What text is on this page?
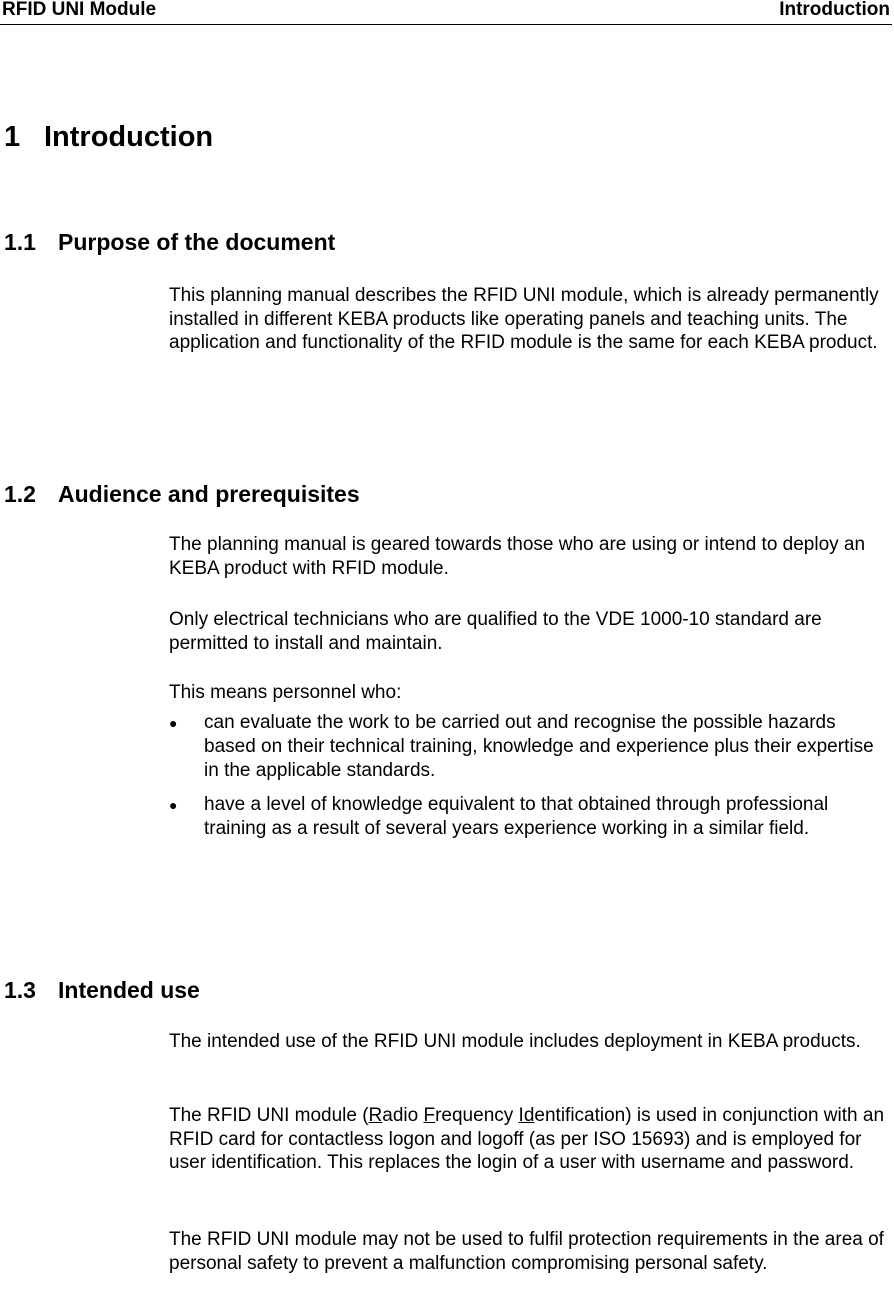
RFID UNI Module	Introduction
1 Introduction
1.1 Purpose of the document

This planning manual describes the RFID UNI module, which is already permanently installed in different KEBA products like operating panels and teaching units. The application and functionality of the RFID module is the same for each KEBA product.

1.2 Audience and prerequisites

The planning manual is geared towards those who are using or intend to deploy an KEBA product with RFID module.

Only electrical technicians who are qualified to the VDE 1000-10 standard are permitted to install and maintain.

This means personnel who:

● can evaluate the work to be carried out and recognise the possible hazards based on their technical training, knowledge and experience plus their expertise in the applicable standards.
● have a level of knowledge equivalent to that obtained through professional training as a result of several years experience working in a similar field.
1.3 Intended use

The intended use of the RFID UNI module includes deployment in KEBA products.

The RFID UNI module (Radio Frequency Identification) is used in conjunction with an RFID card for contactless logon and logoff (as per ISO 15693) and is employed for user identification. This replaces the login of a user with username and password.

The RFID UNI module may not be used to fulfil protection requirements in the area of personal safety to prevent a malfunction compromising personal safety.
